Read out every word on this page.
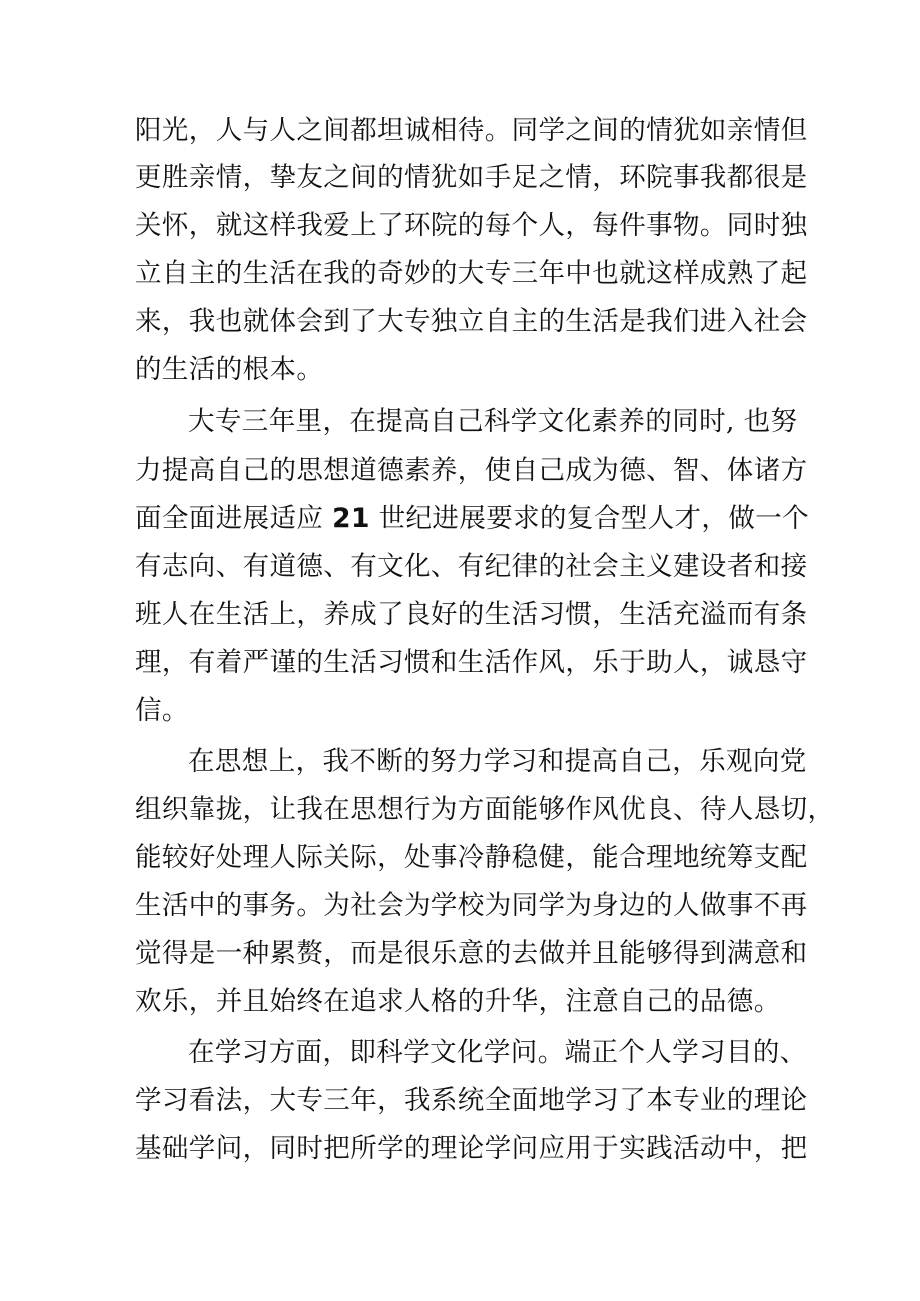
阳光，人与人之间都坦诚相待。同学之间的情犹如亲情但
更胜亲情，挚友之间的情犹如手足之情，环院事我都很是
关怀，就这样我爱上了环院的每个人，每件事物。同时独
立自主的生活在我的奇妙的大专三年中也就这样成熟了起
来，我也就体会到了大专独立自主的生活是我们进入社会
的生活的根本。
大专三年里，在提高自己科学文化素养的同时, 也努
力提高自己的思想道德素养，使自己成为德、智、体诸方
面全面进展适应 21 世纪进展要求的复合型人才，做一个
有志向、有道德、有文化、有纪律的社会主义建设者和接
班人在生活上，养成了良好的生活习惯，生活充溢而有条
理，有着严谨的生活习惯和生活作风，乐于助人，诚恳守
信。
在思想上，我不断的努力学习和提高自己，乐观向党
组织靠拢，让我在思想行为方面能够作风优良、待人恳切，
能较好处理人际关际，处事冷静稳健，能合理地统筹支配
生活中的事务。为社会为学校为同学为身边的人做事不再
觉得是一种累赘，而是很乐意的去做并且能够得到满意和
欢乐，并且始终在追求人格的升华，注意自己的品德。
在学习方面，即科学文化学问。端正个人学习目的、
学习看法，大专三年，我系统全面地学习了本专业的理论
基础学问，同时把所学的理论学问应用于实践活动中，把
